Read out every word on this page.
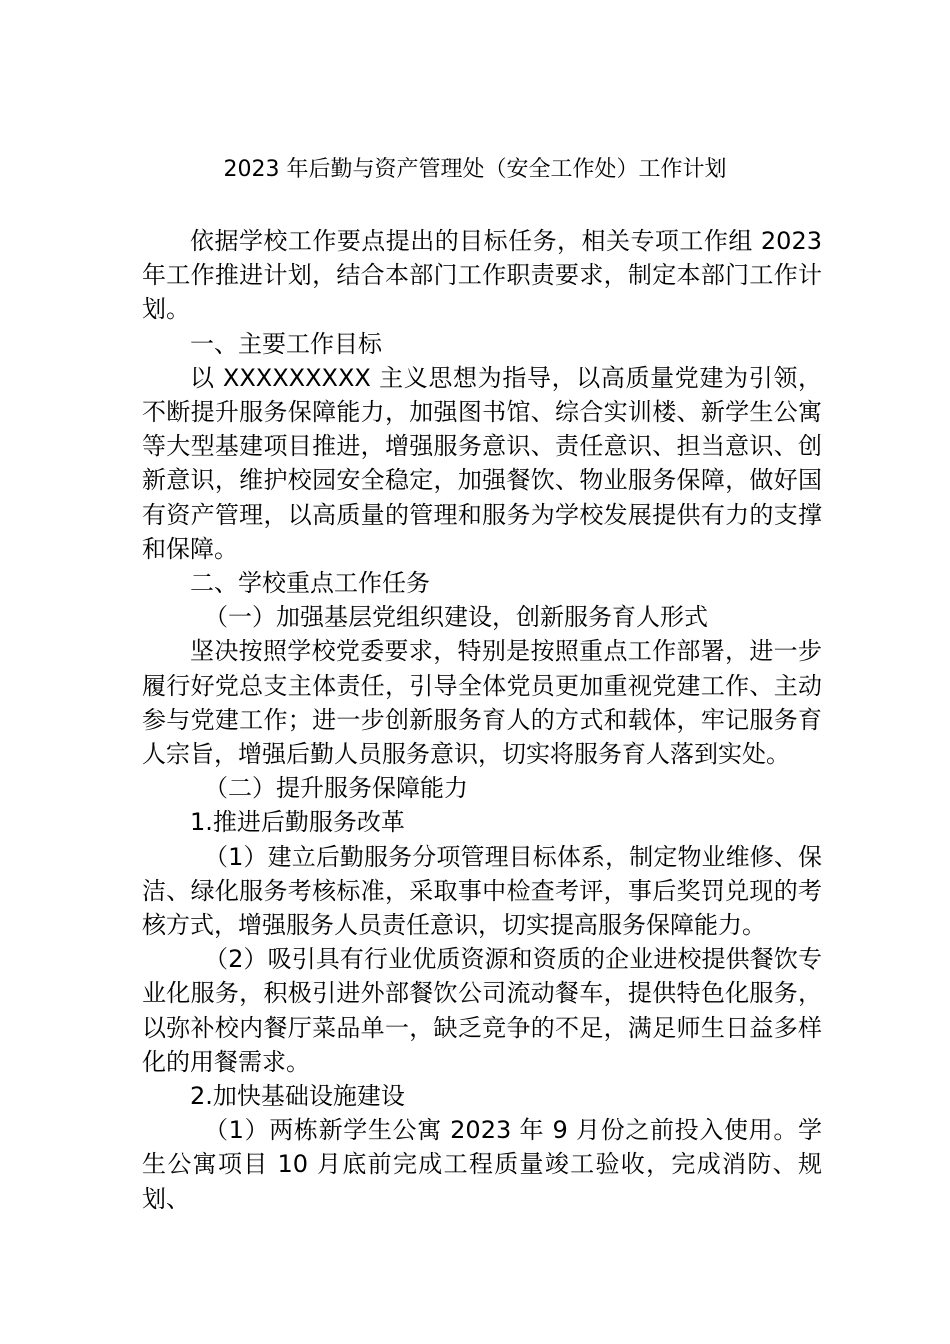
2023 年后勤与资产管理处（安全工作处）工作计划

依据学校工作要点提出的目标任务，相关专项工作组 2023 年工作推进计划，结合本部门工作职责要求，制定本部门工作计划。

一、主要工作目标

以 XXXXXXXXX 主义思想为指导，以高质量党建为引领，不断提升服务保障能力，加强图书馆、综合实训楼、新学生公寓等大型基建项目推进，增强服务意识、责任意识、担当意识、创新意识，维护校园安全稳定，加强餐饮、物业服务保障，做好国有资产管理，以高质量的管理和服务为学校发展提供有力的支撑和保障。

二、学校重点工作任务

（一）加强基层党组织建设，创新服务育人形式

坚决按照学校党委要求，特别是按照重点工作部署，进一步履行好党总支主体责任，引导全体党员更加重视党建工作、主动参与党建工作；进一步创新服务育人的方式和载体，牢记服务育人宗旨，增强后勤人员服务意识，切实将服务育人落到实处。

（二）提升服务保障能力

1.推进后勤服务改革

（1）建立后勤服务分项管理目标体系，制定物业维修、保洁、绿化服务考核标准，采取事中检查考评，事后奖罚兑现的考核方式，增强服务人员责任意识，切实提高服务保障能力。

（2）吸引具有行业优质资源和资质的企业进校提供餐饮专业化服务，积极引进外部餐饮公司流动餐车，提供特色化服务，以弥补校内餐厅菜品单一，缺乏竞争的不足，满足师生日益多样化的用餐需求。

2.加快基础设施建设

（1）两栋新学生公寓 2023 年 9 月份之前投入使用。学生公寓项目 10 月底前完成工程质量竣工验收，完成消防、规划、
